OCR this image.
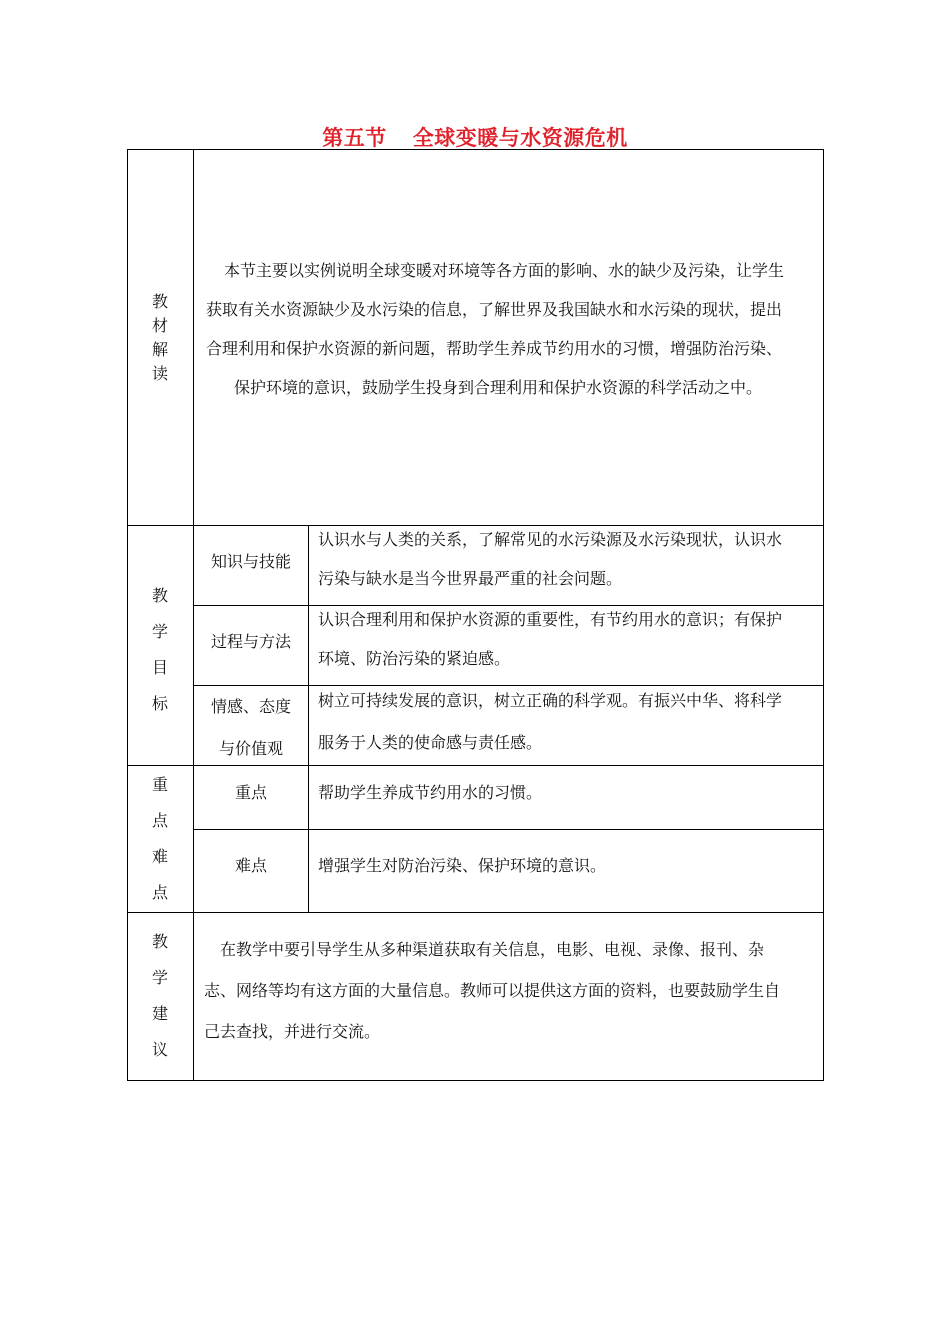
第五节 全球变暖与水资源危机
教
材
解
读
本节主要以实例说明全球变暖对环境等各方面的影响、水的缺少及污染，让学生
获取有关水资源缺少及水污染的信息，了解世界及我国缺水和水污染的现状，提出
合理利用和保护水资源的新问题，帮助学生养成节约用水的习惯，增强防治污染、
保护环境的意识，鼓励学生投身到合理利用和保护水资源的科学活动之中。
教
学
目
标
知识与技能
认识水与人类的关系，了解常见的水污染源及水污染现状，认识水
污染与缺水是当今世界最严重的社会问题。
过程与方法
认识合理利用和保护水资源的重要性，有节约用水的意识；有保护
环境、防治污染的紧迫感。
情感、态度
与价值观
树立可持续发展的意识，树立正确的科学观。有振兴中华、将科学
服务于人类的使命感与责任感。
重
点
难
点
重点	帮助学生养成节约用水的习惯。
难点	增强学生对防治污染、保护环境的意识。
教
学
建
议
在教学中要引导学生从多种渠道获取有关信息，电影、电视、录像、报刊、杂
志、网络等均有这方面的大量信息。教师可以提供这方面的资料，也要鼓励学生自
己去查找，并进行交流。
